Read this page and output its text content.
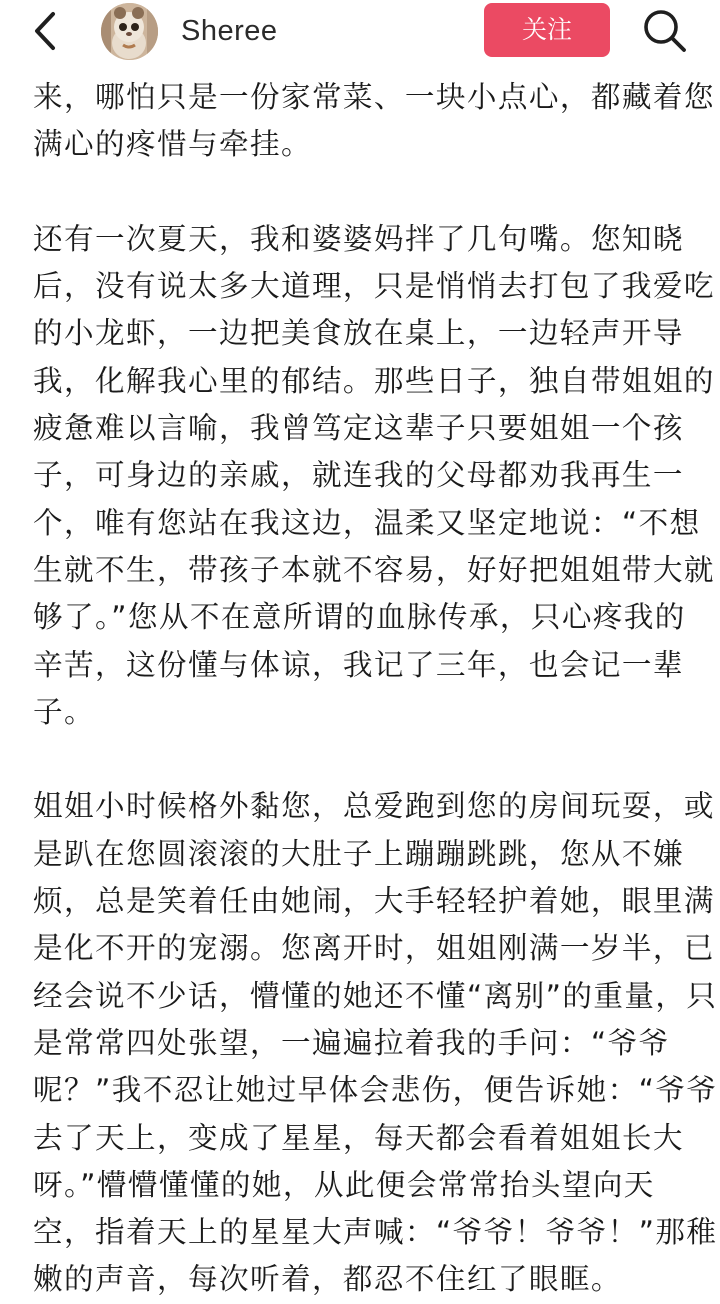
Sheree	关注

来，哪怕只是一份家常菜、一块小点心，都藏着您

满心的疼惜与牵挂。

还有一次夏天，我和婆婆妈拌了几句嘴。您知晓

后，没有说太多大道理，只是悄悄去打包了我爱吃

的小龙虾，一边把美食放在桌上，一边轻声开导

我，化解我心里的郁结。那些日子，独自带姐姐的

疲惫难以言喻，我曾笃定这辈子只要姐姐一个孩

子，可身边的亲戚，就连我的父母都劝我再生一

个，唯有您站在我这边，温柔又坚定地说：“不想

生就不生，带孩子本就不容易，好好把姐姐带大就

够了。”您从不在意所谓的血脉传承，只心疼我的

辛苦，这份懂与体谅，我记了三年，也会记一辈

子。

姐姐小时候格外黏您，总爱跑到您的房间玩耍，或

是趴在您圆滚滚的大肚子上蹦蹦跳跳，您从不嫌

烦，总是笑着任由她闹，大手轻轻护着她，眼里满

是化不开的宠溺。您离开时，姐姐刚满一岁半，已

经会说不少话，懵懂的她还不懂“离别”的重量，只

是常常四处张望，一遍遍拉着我的手问：“爷爷

呢？”我不忍让她过早体会悲伤，便告诉她：“爷爷

去了天上，变成了星星，每天都会看着姐姐长大

呀。”懵懵懂懂的她，从此便会常常抬头望向天

空，指着天上的星星大声喊：“爷爷！爷爷！”那稚

嫩的声音，每次听着，都忍不住红了眼眶。
